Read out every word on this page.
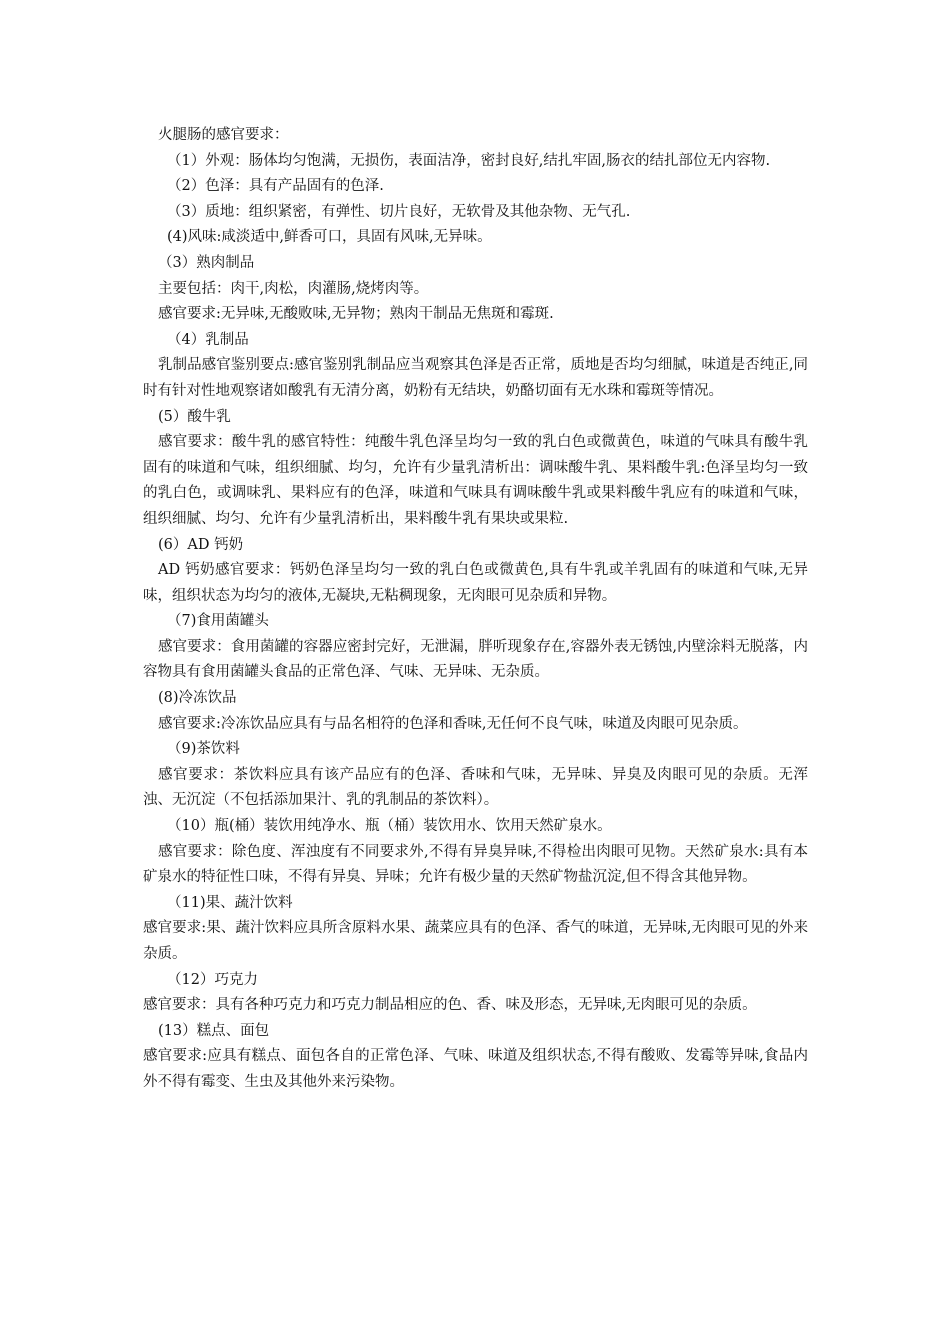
火腿肠的感官要求：

（1）外观：肠体均匀饱满，无损伤，表面洁净，密封良好,结扎牢固,肠衣的结扎部位无内容物.

（2）色泽：具有产品固有的色泽.

（3）质地：组织紧密，有弹性、切片良好，无软骨及其他杂物、无气孔.

(4)风味:咸淡适中,鲜香可口，具固有风味,无异味。

（3）熟肉制品

主要包括：肉干,肉松，肉灌肠,烧烤肉等。

感官要求:无异味,无酸败味,无异物；熟肉干制品无焦斑和霉斑.

（4）乳制品

乳制品感官鉴别要点:感官鉴别乳制品应当观察其色泽是否正常，质地是否均匀细腻，味道是否纯正,同时有针对性地观察诸如酸乳有无清分离，奶粉有无结块，奶酪切面有无水珠和霉斑等情况。

(5）酸牛乳

感官要求：酸牛乳的感官特性：纯酸牛乳色泽呈均匀一致的乳白色或微黄色，味道的气味具有酸牛乳固有的味道和气味，组织细腻、均匀，允许有少量乳清析出：调味酸牛乳、果料酸牛乳:色泽呈均匀一致的乳白色，或调味乳、果料应有的色泽，味道和气味具有调味酸牛乳或果料酸牛乳应有的味道和气味，组织细腻、均匀、允许有少量乳清析出，果料酸牛乳有果块或果粒.

(6）AD 钙奶

AD 钙奶感官要求：钙奶色泽呈均匀一致的乳白色或微黄色,具有牛乳或羊乳固有的味道和气味,无异味，组织状态为均匀的液体,无凝块,无粘稠现象，无肉眼可见杂质和异物。

（7)食用菌罐头

感官要求：食用菌罐的容器应密封完好，无泄漏，胖听现象存在,容器外表无锈蚀,内壁涂料无脱落，内容物具有食用菌罐头食品的正常色泽、气味、无异味、无杂质。

(8)冷冻饮品

感官要求:冷冻饮品应具有与品名相符的色泽和香味,无任何不良气味，味道及肉眼可见杂质。

（9)茶饮料

感官要求：茶饮料应具有该产品应有的色泽、香味和气味，无异味、异臭及肉眼可见的杂质。无浑浊、无沉淀（不包括添加果汁、乳的乳制品的茶饮料）。

（10）瓶(桶）装饮用纯净水、瓶（桶）装饮用水、饮用天然矿泉水。

感官要求：除色度、浑浊度有不同要求外,不得有异臭异味,不得检出肉眼可见物。天然矿泉水:具有本矿泉水的特征性口味，不得有异臭、异味；允许有极少量的天然矿物盐沉淀,但不得含其他异物。

（11)果、蔬汁饮料

感官要求:果、蔬汁饮料应具所含原料水果、蔬菜应具有的色泽、香气的味道，无异味,无肉眼可见的外来杂质。

（12）巧克力

感官要求：具有各种巧克力和巧克力制品相应的色、香、味及形态，无异味,无肉眼可见的杂质。

(13）糕点、面包

感官要求:应具有糕点、面包各自的正常色泽、气味、味道及组织状态,不得有酸败、发霉等异味,食品内外不得有霉变、生虫及其他外来污染物。
